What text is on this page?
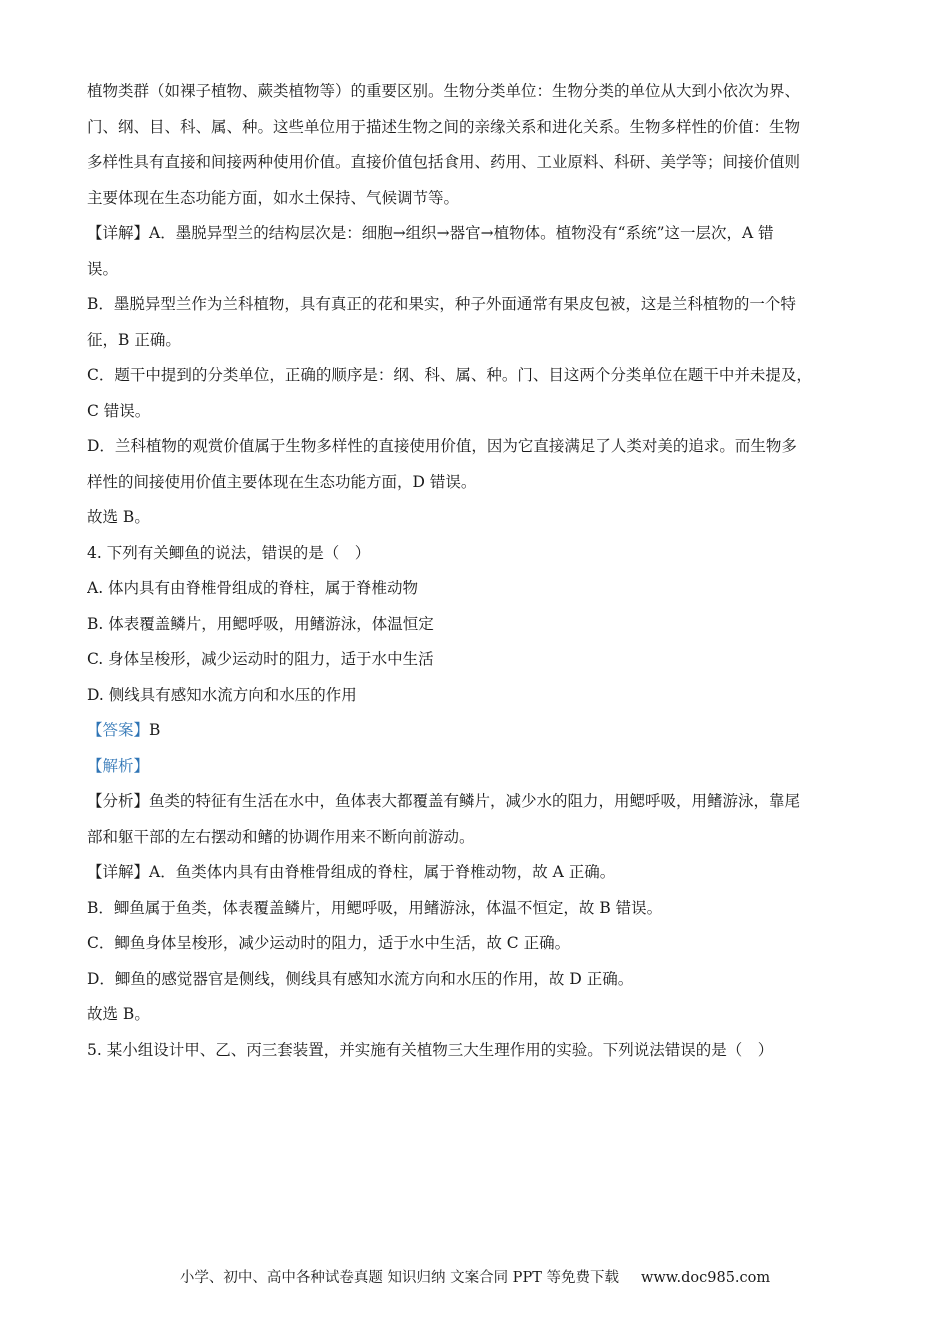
植物类群（如裸子植物、蕨类植物等）的重要区别。生物分类单位：生物分类的单位从大到小依次为界、
门、纲、目、科、属、种。这些单位用于描述生物之间的亲缘关系和进化关系。生物多样性的价值：生物
多样性具有直接和间接两种使用价值。直接价值包括食用、药用、工业原料、科研、美学等；间接价值则
主要体现在生态功能方面，如水土保持、气候调节等。
【详解】A．墨脱异型兰的结构层次是：细胞→组织→器官→植物体。植物没有“系统”这一层次，A 错
误。
B．墨脱异型兰作为兰科植物，具有真正的花和果实，种子外面通常有果皮包被，这是兰科植物的一个特
征，B 正确。
C．题干中提到的分类单位，正确的顺序是：纲、科、属、种。门、目这两个分类单位在题干中并未提及，
C 错误。
D．兰科植物的观赏价值属于生物多样性的直接使用价值，因为它直接满足了人类对美的追求。而生物多
样性的间接使用价值主要体现在生态功能方面，D 错误。
故选 B。
4. 下列有关鲫鱼的说法，错误的是（　）
A. 体内具有由脊椎骨组成的脊柱，属于脊椎动物
B. 体表覆盖鳞片，用鳃呼吸，用鳍游泳，体温恒定
C. 身体呈梭形，减少运动时的阻力，适于水中生活
D. 侧线具有感知水流方向和水压的作用
【答案】B
【解析】
【分析】鱼类的特征有生活在水中，鱼体表大都覆盖有鳞片，减少水的阻力，用鳃呼吸，用鳍游泳，靠尾
部和躯干部的左右摆动和鳍的协调作用来不断向前游动。
【详解】A．鱼类体内具有由脊椎骨组成的脊柱，属于脊椎动物，故 A 正确。
B．鲫鱼属于鱼类，体表覆盖鳞片，用鳃呼吸，用鳍游泳，体温不恒定，故 B 错误。
C．鲫鱼身体呈梭形，减少运动时的阻力，适于水中生活，故 C 正确。
D．鲫鱼的感觉器官是侧线，侧线具有感知水流方向和水压的作用，故 D 正确。
故选 B。
5. 某小组设计甲、乙、丙三套装置，并实施有关植物三大生理作用的实验。下列说法错误的是（　）
小学、初中、高中各种试卷真题 知识归纳 文案合同 PPT 等免费下载 www.doc985.com
